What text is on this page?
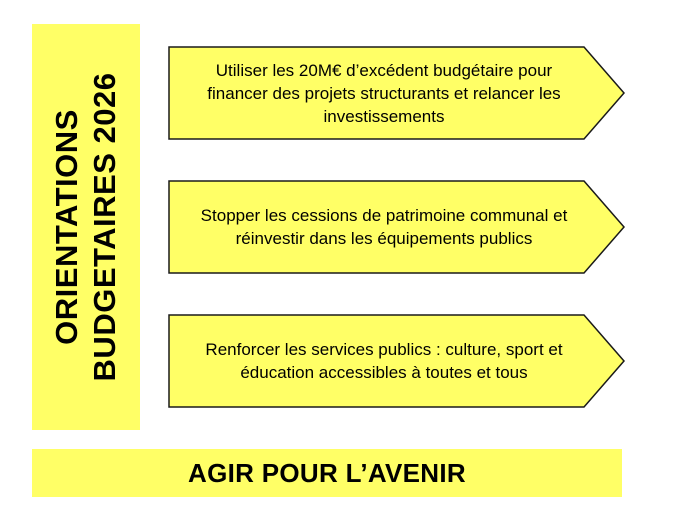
ORIENTATIONS BUDGETAIRES 2026
Utiliser les 20M€ d’excédent budgétaire pour financer des projets structurants et relancer les investissements
Stopper les cessions de patrimoine communal et réinvestir dans les équipements publics
Renforcer les services publics : culture, sport et éducation accessibles à toutes et tous
AGIR POUR L’AVENIR
